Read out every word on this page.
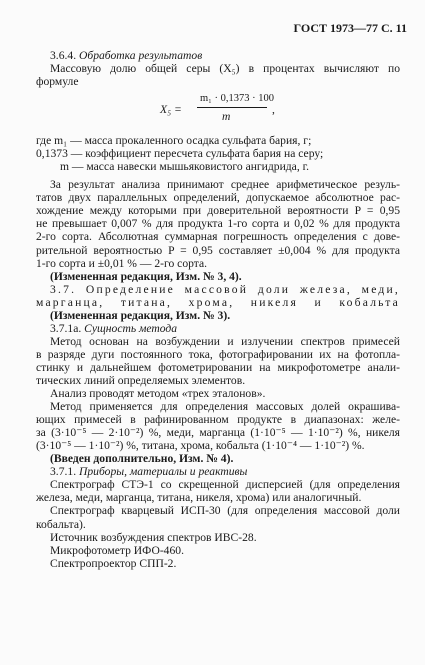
ГОСТ 1973—77 С. 11

3.6.4. Обработка результатов

Массовую долю общей серы (X₅) в процентах вычисляют по

формуле

X₅ =
m₁ · 0,1373 · 100
m
,

где m₁ — масса прокаленного осадка сульфата бария, г;

0,1373 — коэффициент пересчета сульфата бария на серу;

m — масса навески мышьяковистого ангидрида, г.

За результат анализа принимают среднее арифметическое резуль-

татов двух параллельных определений, допускаемое абсолютное рас-

хождение между которыми при доверительной вероятности P = 0,95

не превышает 0,007 % для продукта 1-го сорта и 0,02 % для продукта

2-го сорта. Абсолютная суммарная погрешность определения с дове-

рительной вероятностью P = 0,95 составляет ±0,004 % для продукта

1-го сорта и ±0,01 % — 2-го сорта.

(Измененная редакция, Изм. № 3, 4).

3.7. Определение массовой доли железа, меди,

марганца, титана, хрома, никеля и кобальта

(Измененная редакция, Изм. № 3).

3.7.1а. Сущность метода

Метод основан на возбуждении и излучении спектров примесей

в разряде дуги постоянного тока, фотографировании их на фотопла-

стинку и дальнейшем фотометрировании на микрофотометре анали-

тических линий определяемых элементов.

Анализ проводят методом «трех эталонов».

Метод применяется для определения массовых долей окрашива-

ющих примесей в рафинированном продукте в диапазонах: желе-

за (3·10⁻⁵ — 2·10⁻²) %, меди, марганца (1·10⁻⁵ — 1·10⁻²) %, никеля

(3·10⁻⁵ — 1·10⁻²) %, титана, хрома, кобальта (1·10⁻⁴ — 1·10⁻²) %.

(Введен дополнительно, Изм. № 4).

3.7.1. Приборы, материалы и реактивы

Спектрограф СТЭ-1 со скрещенной дисперсией (для определения

железа, меди, марганца, титана, никеля, хрома) или аналогичный.

Спектрограф кварцевый ИСП-30 (для определения массовой доли

кобальта).

Источник возбуждения спектров ИВС-28.

Микрофотометр ИФО-460.

Спектропроектор СПП-2.
